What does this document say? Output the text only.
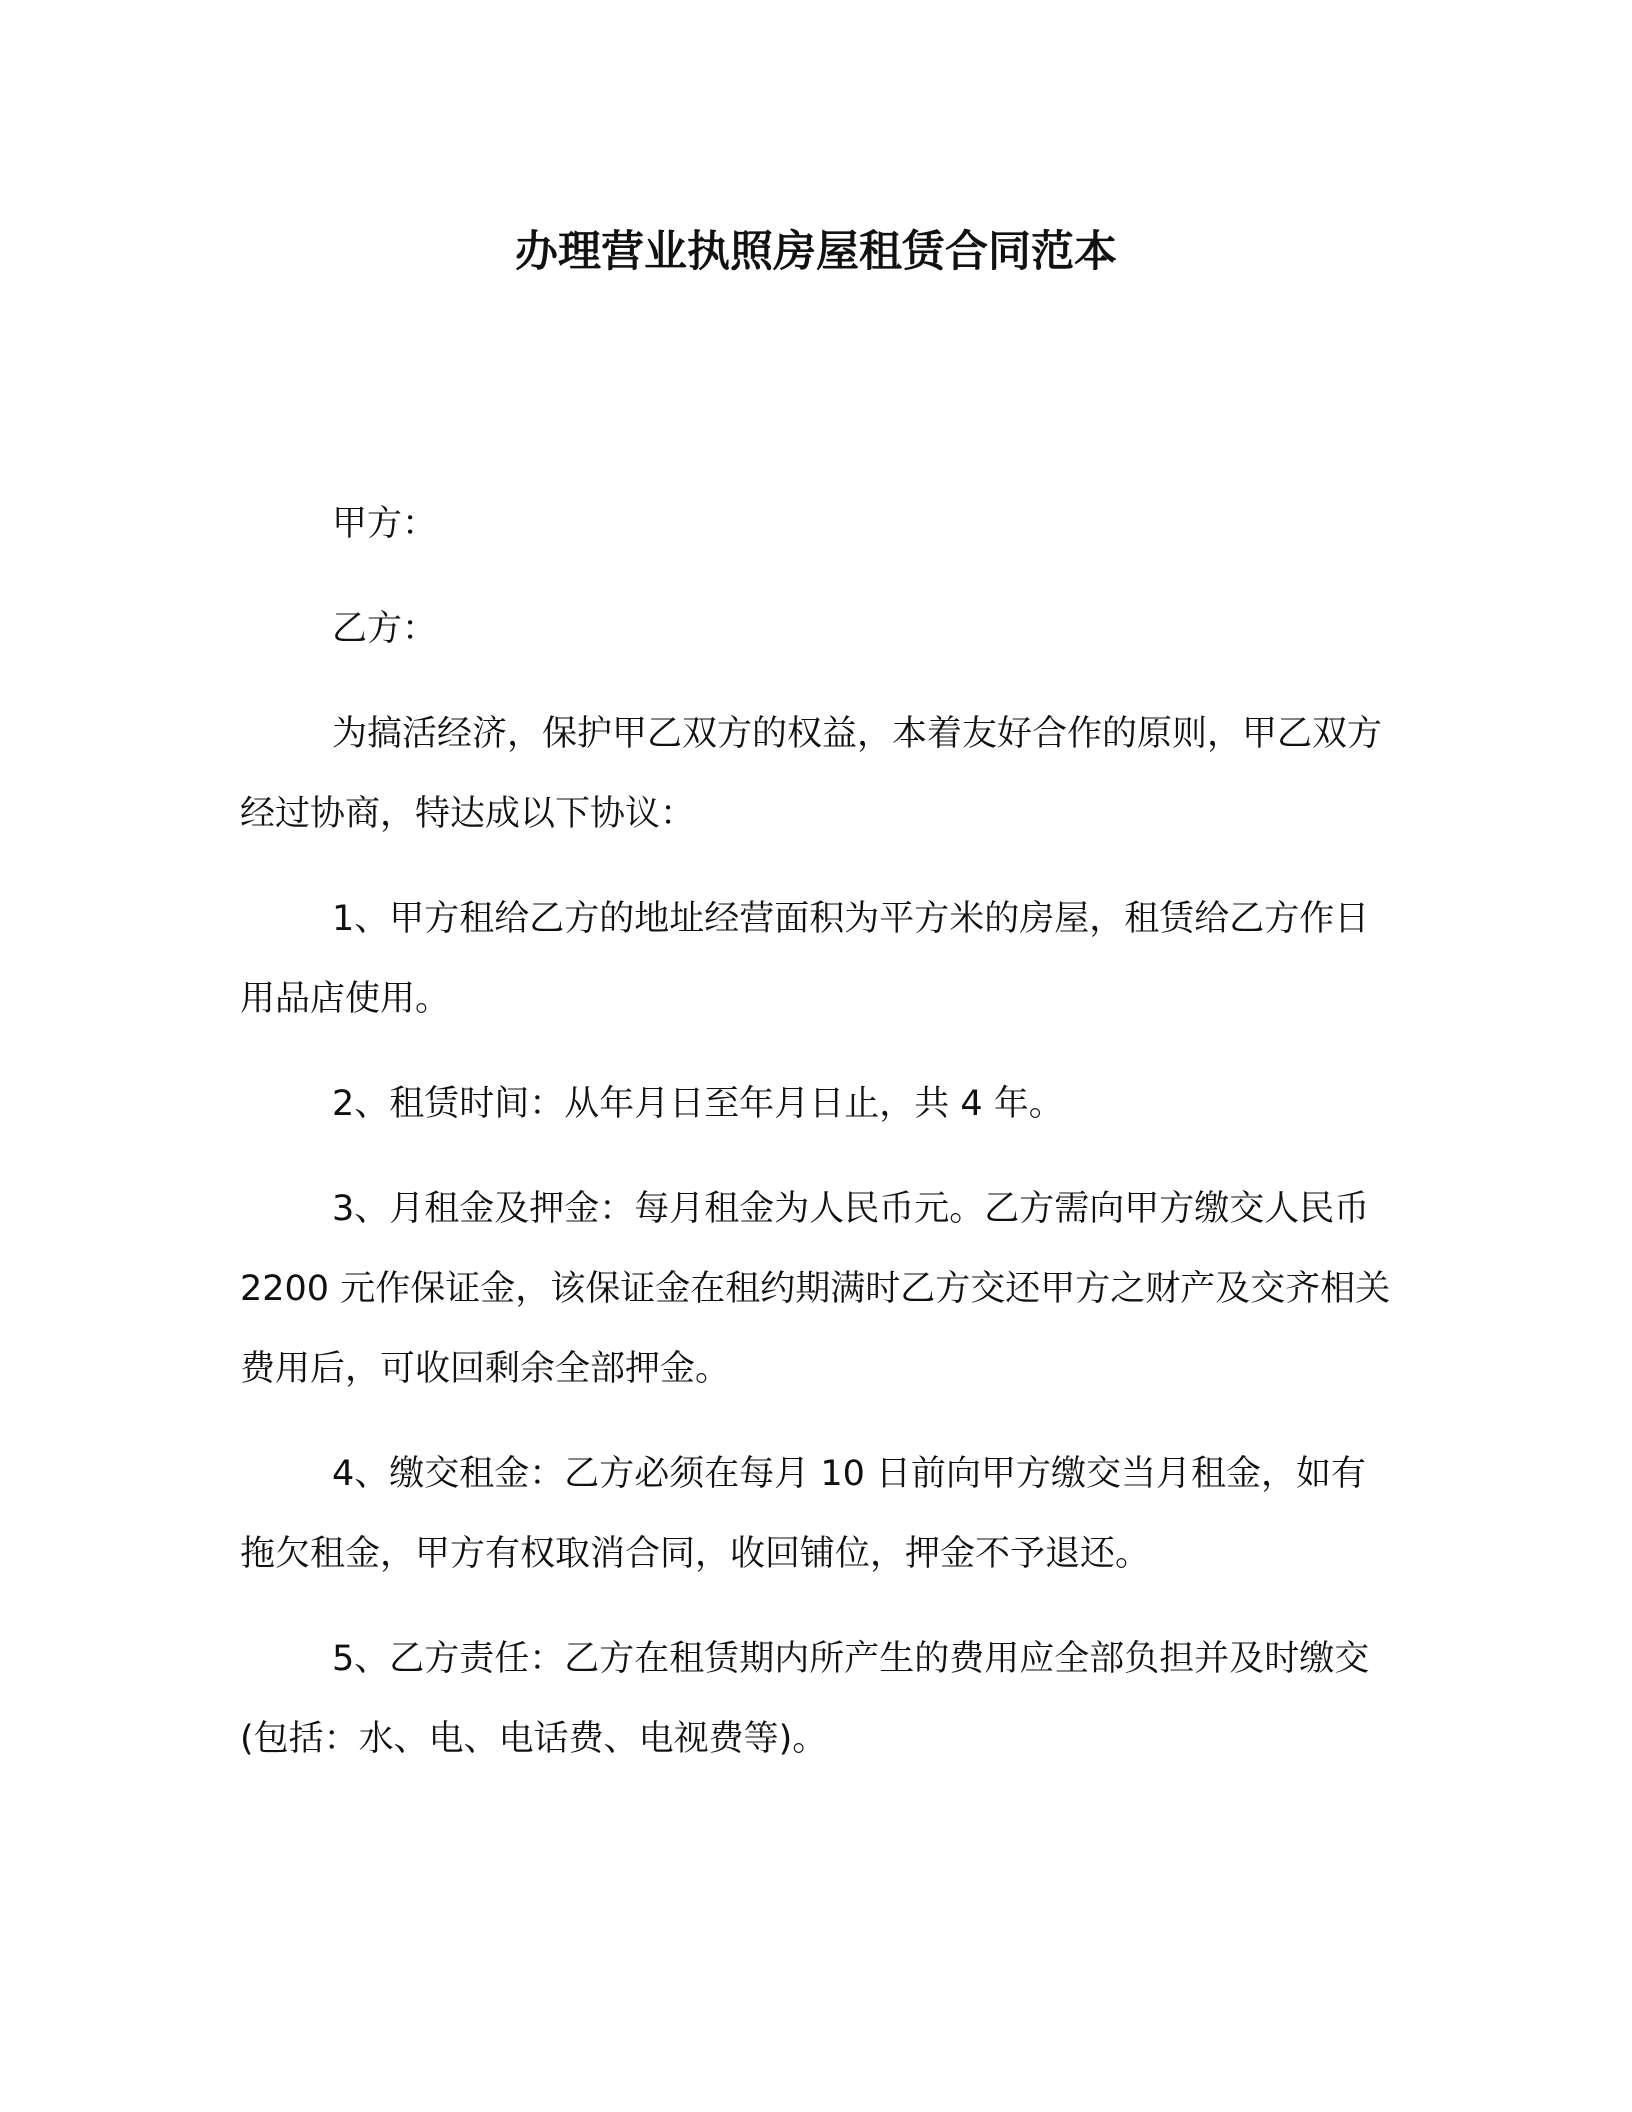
办理营业执照房屋租赁合同范本

甲方：

乙方：

为搞活经济，保护甲乙双方的权益，本着友好合作的原则，甲乙双方经过协商，特达成以下协议：

1、甲方租给乙方的地址经营面积为平方米的房屋，租赁给乙方作日用品店使用。

2、租赁时间：从年月日至年月日止，共 4 年。

3、月租金及押金：每月租金为人民币元。乙方需向甲方缴交人民币 2200 元作保证金，该保证金在租约期满时乙方交还甲方之财产及交齐相关费用后，可收回剩余全部押金。

4、缴交租金：乙方必须在每月 10 日前向甲方缴交当月租金，如有拖欠租金，甲方有权取消合同，收回铺位，押金不予退还。

5、乙方责任：乙方在租赁期内所产生的费用应全部负担并及时缴交(包括：水、电、电话费、电视费等)。
